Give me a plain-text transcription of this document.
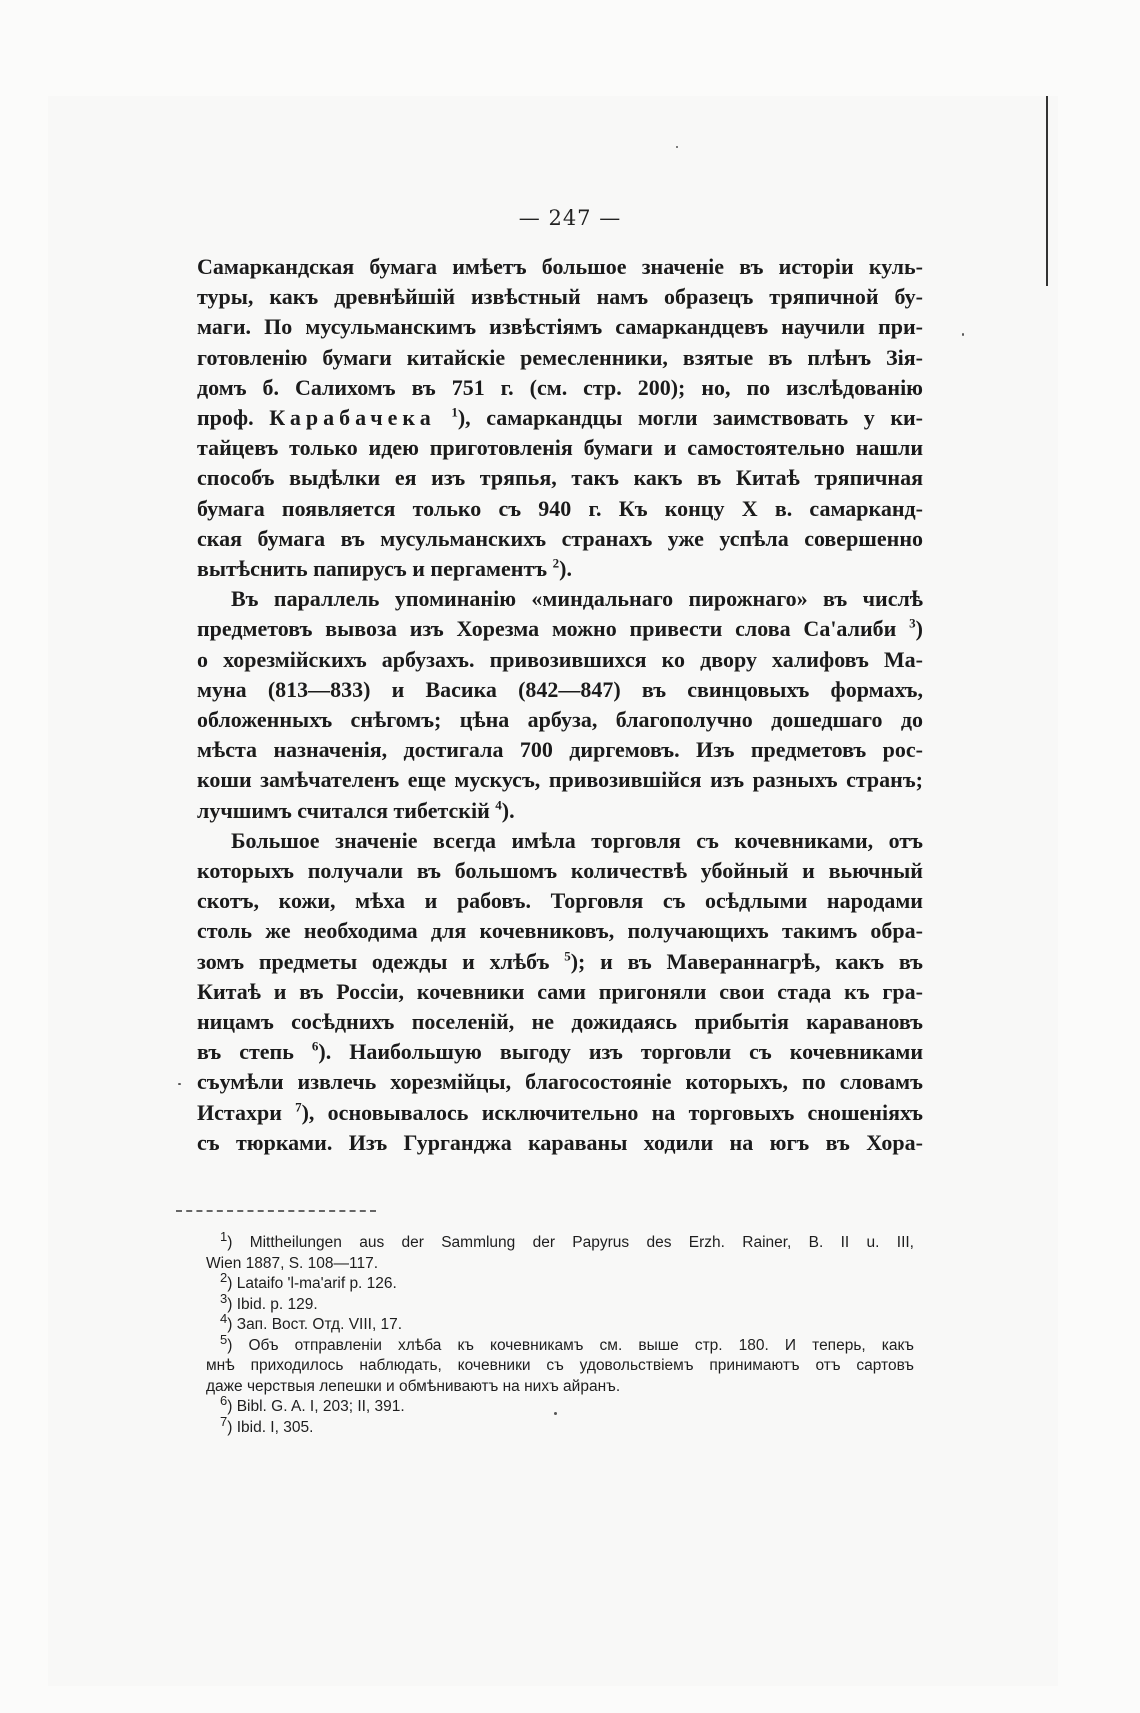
— 247 —

Самаркандская бумага имѣетъ большое значеніе въ исторіи куль-
туры, какъ древнѣйшій извѣстный намъ образецъ тряпичной бу-
маги. По мусульманскимъ извѣстіямъ самаркандцевъ научили при-
готовленію бумаги китайскіе ремесленники, взятые въ плѣнъ Зія-
домъ б. Салихомъ въ 751 г. (см. стр. 200); но, по изслѣдованію
проф. Карабачека $^1$), самаркандцы могли заимствовать у ки-
тайцевъ только идею приготовленія бумаги и самостоятельно нашли
способъ выдѣлки ея изъ тряпья, такъ какъ въ Китаѣ тряпичная
бумага появляется только съ 940 г. Къ концу X в. самарканд-
ская бумага въ мусульманскихъ странахъ уже успѣла совершенно
вытѣснить папирусъ и пергаментъ $^2$).

Въ параллель упоминанію «миндальнаго пирожнаго» въ числѣ
предметовъ вывоза изъ Хорезма можно привести слова Са'алиби $^3$)
о хорезмійскихъ арбузахъ. привозившихся ко двору халифовъ Ма-
муна (813—833) и Васика (842—847) въ свинцовыхъ формахъ,
обложенныхъ снѣгомъ; цѣна арбуза, благополучно дошедшаго до
мѣста назначенія, достигала 700 диргемовъ. Изъ предметовъ рос-
коши замѣчателенъ еще мускусъ, привозившійся изъ разныхъ странъ;
лучшимъ считался тибетскій $^4$).

Большое значеніе всегда имѣла торговля съ кочевниками, отъ
которыхъ получали въ большомъ количествѣ убойный и вьючный
скотъ, кожи, мѣха и рабовъ. Торговля съ осѣдлыми народами
столь же необходима для кочевниковъ, получающихъ такимъ обра-
зомъ предметы одежды и хлѣбъ $^5$); и въ Мавераннагрѣ, какъ въ
Китаѣ и въ Россіи, кочевники сами пригоняли свои стада къ гра-
ницамъ сосѣднихъ поселеній, не дожидаясь прибытія каравановъ
въ степь $^6$). Наибольшую выгоду изъ торговли съ кочевниками
съумѣли извлечь хорезмійцы, благосостояніе которыхъ, по словамъ
Истахри $^7$), основывалось исключительно на торговыхъ сношеніяхъ
съ тюрками. Изъ Гурганджа караваны ходили на югъ въ Хора-

$^1$) Mittheilungen aus der Sammlung der Papyrus des Erzh. Rainer, B. II u. III,
Wien 1887, S. 108—117.
$^2$) Lataifo 'l-ma'arif p. 126.
$^3$) Ibid. p. 129.
$^4$) Зап. Вост. Отд. VIII, 17.
$^5$) Объ отправленіи хлѣба къ кочевникамъ см. выше стр. 180. И теперь, какъ
мнѣ приходилось наблюдать, кочевники съ удовольствіемъ принимаютъ отъ сартовъ
даже черствыя лепешки и обмѣниваютъ на нихъ айранъ.
$^6$) Bibl. G. A. I, 203; II, 391.
$^7$) Ibid. I, 305.
